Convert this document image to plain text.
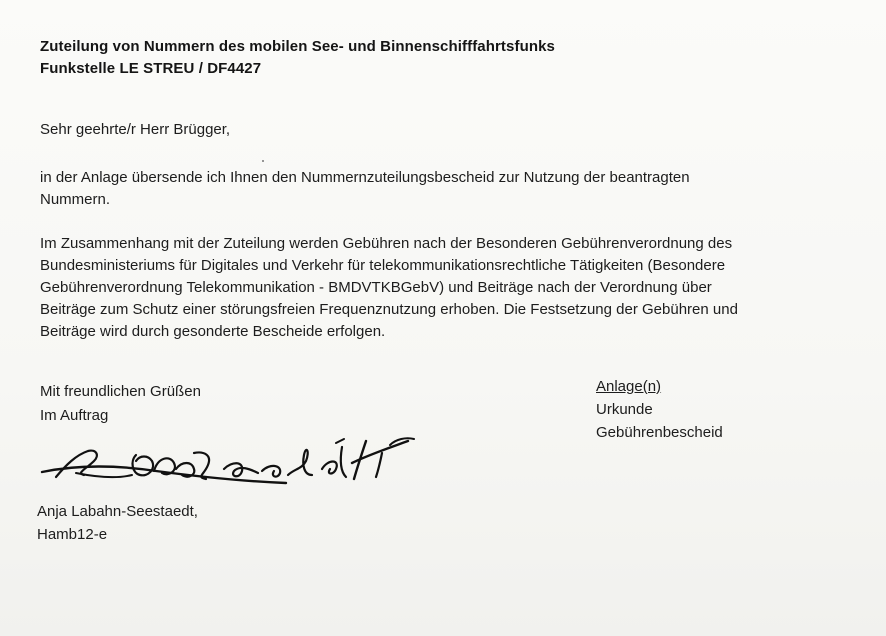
Zuteilung von Nummern des mobilen See- und Binnenschifffahrtsfunks
Funkstelle LE STREU / DF4427
Sehr geehrte/r Herr Brügger,
in der Anlage übersende ich Ihnen den Nummernzuteilungsbescheid zur Nutzung der beantragten
Nummern.
Im Zusammenhang mit der Zuteilung werden Gebühren nach der Besonderen Gebührenverordnung des
Bundesministeriums für Digitales und Verkehr für telekommunikationsrechtliche Tätigkeiten (Besondere
Gebührenverordnung Telekommunikation - BMDVTKBGebV) und Beiträge nach der Verordnung über
Beiträge zum Schutz einer störungsfreien Frequenznutzung erhoben. Die Festsetzung der Gebühren und
Beiträge wird durch gesonderte Bescheide erfolgen.
Mit freundlichen Grüßen
Im Auftrag
Anlage(n)
Urkunde
Gebührenbescheid
Anja Labahn-Seestaedt,
Hamb12-e
